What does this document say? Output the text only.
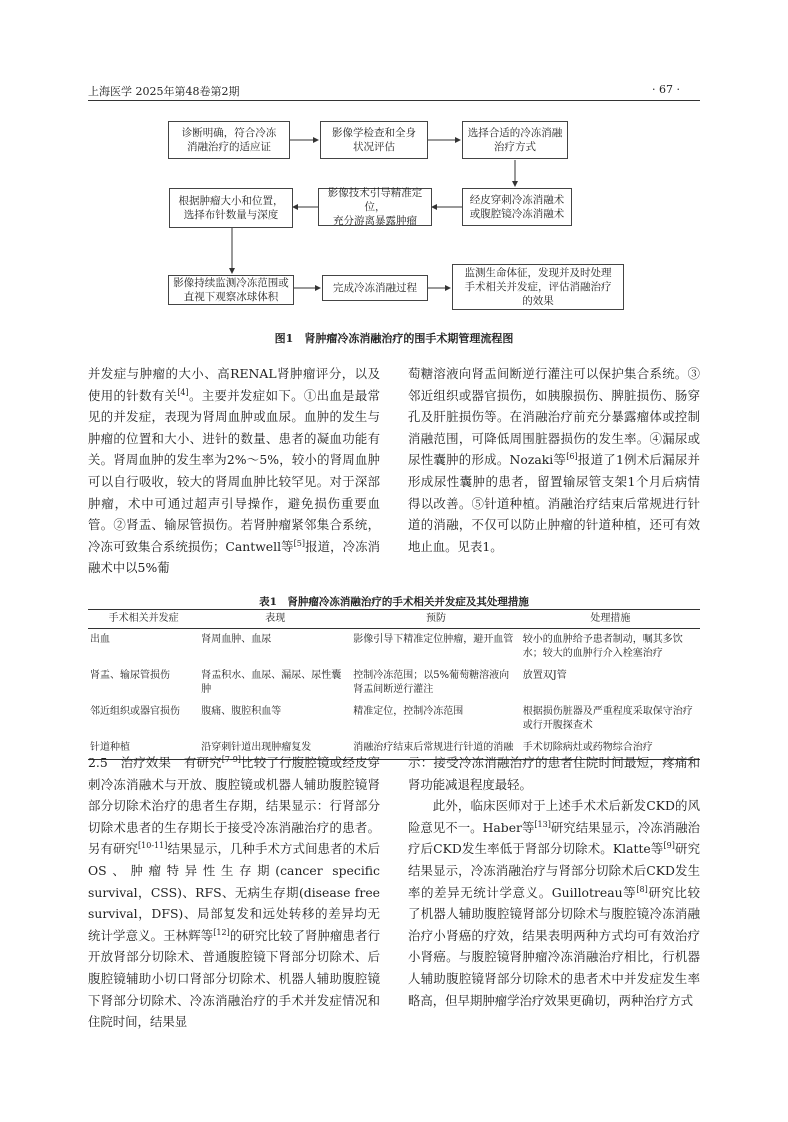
上海医学 2025年第48卷第2期	· 67 ·
诊断明确，符合冷冻
消融治疗的适应证
影像学检查和全身
状况评估
选择合适的冷冻消融
治疗方式
经皮穿刺冷冻消融术
或腹腔镜冷冻消融术
影像技术引导精准定位，
充分游离暴露肿瘤
根据肿瘤大小和位置，
选择布针数量与深度
影像持续监测冷冻范围或
直视下观察冰球体积
完成冷冻消融过程
监测生命体征，发现并及时处理
手术相关并发症，评估消融治疗
的效果
图1　肾肿瘤冷冻消融治疗的围手术期管理流程图

并发症与肿瘤的大小、高RENAL肾肿瘤评分，以及使用的针数有关[4]。主要并发症如下。①出血是最常见的并发症，表现为肾周血肿或血尿。血肿的发生与肿瘤的位置和大小、进针的数量、患者的凝血功能有关。肾周血肿的发生率为2%～5%，较小的肾周血肿可以自行吸收，较大的肾周血肿比较罕见。对于深部肿瘤，术中可通过超声引导操作，避免损伤重要血管。②肾盂、输尿管损伤。若肾肿瘤紧邻集合系统，冷冻可致集合系统损伤；Cantwell等[5]报道，冷冻消融术中以5%葡

萄糖溶液向肾盂间断逆行灌注可以保护集合系统。③邻近组织或器官损伤，如胰腺损伤、脾脏损伤、肠穿孔及肝脏损伤等。在消融治疗前充分暴露瘤体或控制消融范围，可降低周围脏器损伤的发生率。④漏尿或尿性囊肿的形成。Nozaki等[6]报道了1例术后漏尿并形成尿性囊肿的患者，留置输尿管支架1个月后病情得以改善。⑤针道种植。消融治疗结束后常规进行针道的消融，不仅可以防止肿瘤的针道种植，还可有效地止血。见表1。

表1　肾肿瘤冷冻消融治疗的手术相关并发症及其处理措施
手术相关并发症	表现	预防	处理措施
出血	肾周血肿、血尿	影像引导下精准定位肿瘤，避开血管	较小的血肿给予患者制动，嘱其多饮水；较大的血肿行介入栓塞治疗
肾盂、输尿管损伤	肾盂积水、血尿、漏尿、尿性囊肿	控制冷冻范围；以5%葡萄糖溶液向肾盂间断逆行灌注	放置双J管
邻近组织或器官损伤	腹痛、腹腔积血等	精准定位，控制冷冻范围	根据损伤脏器及严重程度采取保守治疗或行开腹探查术
针道种植	沿穿刺针道出现肿瘤复发	消融治疗结束后常规进行针道的消融	手术切除病灶或药物综合治疗

2.5　治疗效果　 有研究[7-9]比较了行腹腔镜或经皮穿刺冷冻消融术与开放、腹腔镜或机器人辅助腹腔镜肾部分切除术治疗的患者生存期，结果显示：行肾部分切除术患者的生存期长于接受冷冻消融治疗的患者。另有研究[10-11]结果显示，几种手术方式间患者的术后OS、肿瘤特异性生存期(cancer specific survival，CSS)、RFS、无病生存期(disease free survival，DFS)、局部复发和远处转移的差异均无统计学意义。王林辉等[12]的研究比较了肾肿瘤患者行开放肾部分切除术、普通腹腔镜下肾部分切除术、后腹腔镜辅助小切口肾部分切除术、机器人辅助腹腔镜下肾部分切除术、冷冻消融治疗的手术并发症情况和住院时间，结果显

示：接受冷冻消融治疗的患者住院时间最短，疼痛和肾功能减退程度最轻。

此外，临床医师对于上述手术术后新发CKD的风险意见不一。Haber等[13]研究结果显示，冷冻消融治疗后CKD发生率低于肾部分切除术。Klatte等[9]研究结果显示，冷冻消融治疗与肾部分切除术后CKD发生率的差异无统计学意义。Guillotreau等[8]研究比较了机器人辅助腹腔镜肾部分切除术与腹腔镜冷冻消融治疗小肾癌的疗效，结果表明两种方式均可有效治疗小肾癌。与腹腔镜肾肿瘤冷冻消融治疗相比，行机器人辅助腹腔镜肾部分切除术的患者术中并发症发生率略高，但早期肿瘤学治疗效果更确切，两种治疗方式
